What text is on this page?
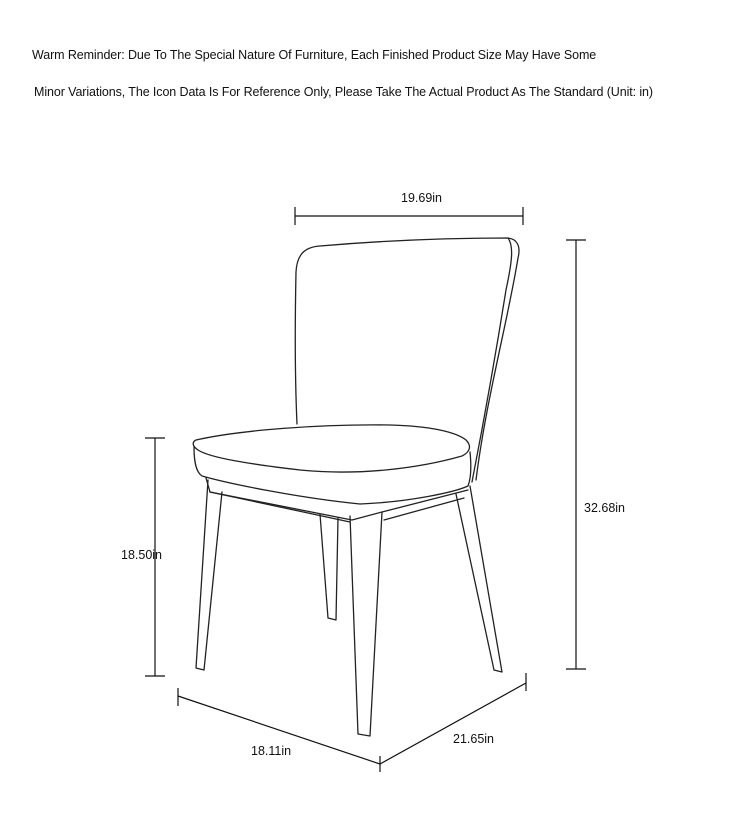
Warm Reminder: Due To The Special Nature Of Furniture, Each Finished Product Size May Have Some
Minor Variations, The Icon Data Is For Reference Only, Please Take The Actual Product As The Standard (Unit: in)
19.69in
32.68in
18.50in
18.11in
21.65in
